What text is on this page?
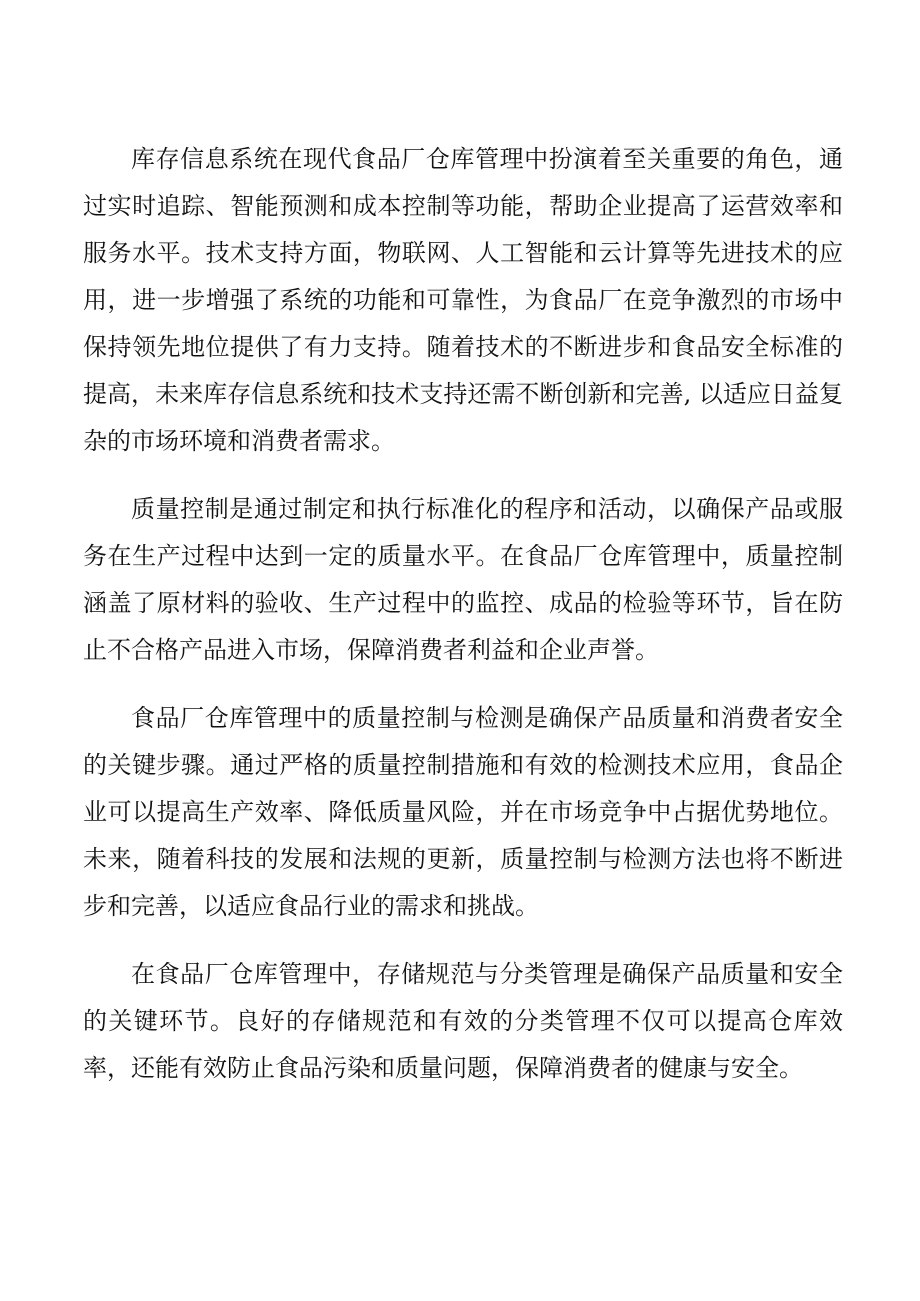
库存信息系统在现代食品厂仓库管理中扮演着至关重要的角色，通过实时追踪、智能预测和成本控制等功能，帮助企业提高了运营效率和服务水平。技术支持方面，物联网、人工智能和云计算等先进技术的应用，进一步增强了系统的功能和可靠性，为食品厂在竞争激烈的市场中保持领先地位提供了有力支持。随着技术的不断进步和食品安全标准的提高，未来库存信息系统和技术支持还需不断创新和完善, 以适应日益复杂的市场环境和消费者需求。

质量控制是通过制定和执行标准化的程序和活动，以确保产品或服务在生产过程中达到一定的质量水平。在食品厂仓库管理中，质量控制涵盖了原材料的验收、生产过程中的监控、成品的检验等环节，旨在防止不合格产品进入市场，保障消费者利益和企业声誉。

食品厂仓库管理中的质量控制与检测是确保产品质量和消费者安全的关键步骤。通过严格的质量控制措施和有效的检测技术应用，食品企业可以提高生产效率、降低质量风险，并在市场竞争中占据优势地位。未来，随着科技的发展和法规的更新，质量控制与检测方法也将不断进步和完善，以适应食品行业的需求和挑战。

在食品厂仓库管理中，存储规范与分类管理是确保产品质量和安全的关键环节。良好的存储规范和有效的分类管理不仅可以提高仓库效率，还能有效防止食品污染和质量问题，保障消费者的健康与安全。
